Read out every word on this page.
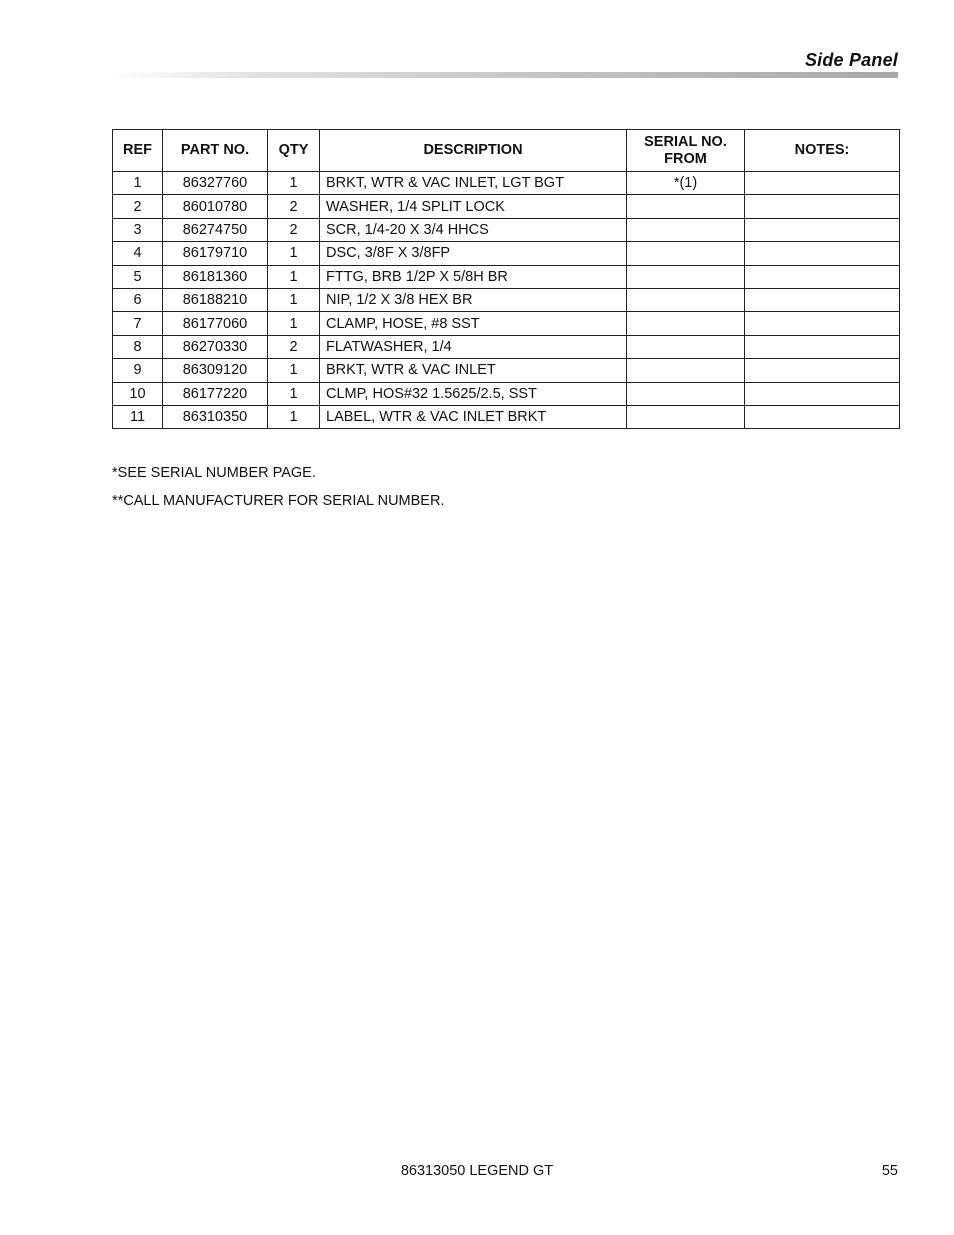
Side Panel
REF	PART NO.	QTY	DESCRIPTION	SERIAL NO. FROM	NOTES:
1	86327760	1	BRKT, WTR & VAC INLET, LGT BGT	*(1)	
2	86010780	2	WASHER, 1/4 SPLIT LOCK		
3	86274750	2	SCR, 1/4-20 X 3/4 HHCS		
4	86179710	1	DSC, 3/8F X 3/8FP		
5	86181360	1	FTTG, BRB 1/2P X 5/8H BR		
6	86188210	1	NIP, 1/2 X 3/8 HEX BR		
7	86177060	1	CLAMP, HOSE, #8 SST		
8	86270330	2	FLATWASHER, 1/4		
9	86309120	1	BRKT, WTR & VAC INLET		
10	86177220	1	CLMP, HOS#32 1.5625/2.5, SST		
11	86310350	1	LABEL, WTR & VAC INLET BRKT		
*SEE SERIAL NUMBER PAGE.
**CALL MANUFACTURER FOR SERIAL NUMBER.
86313050 LEGEND GT	55
